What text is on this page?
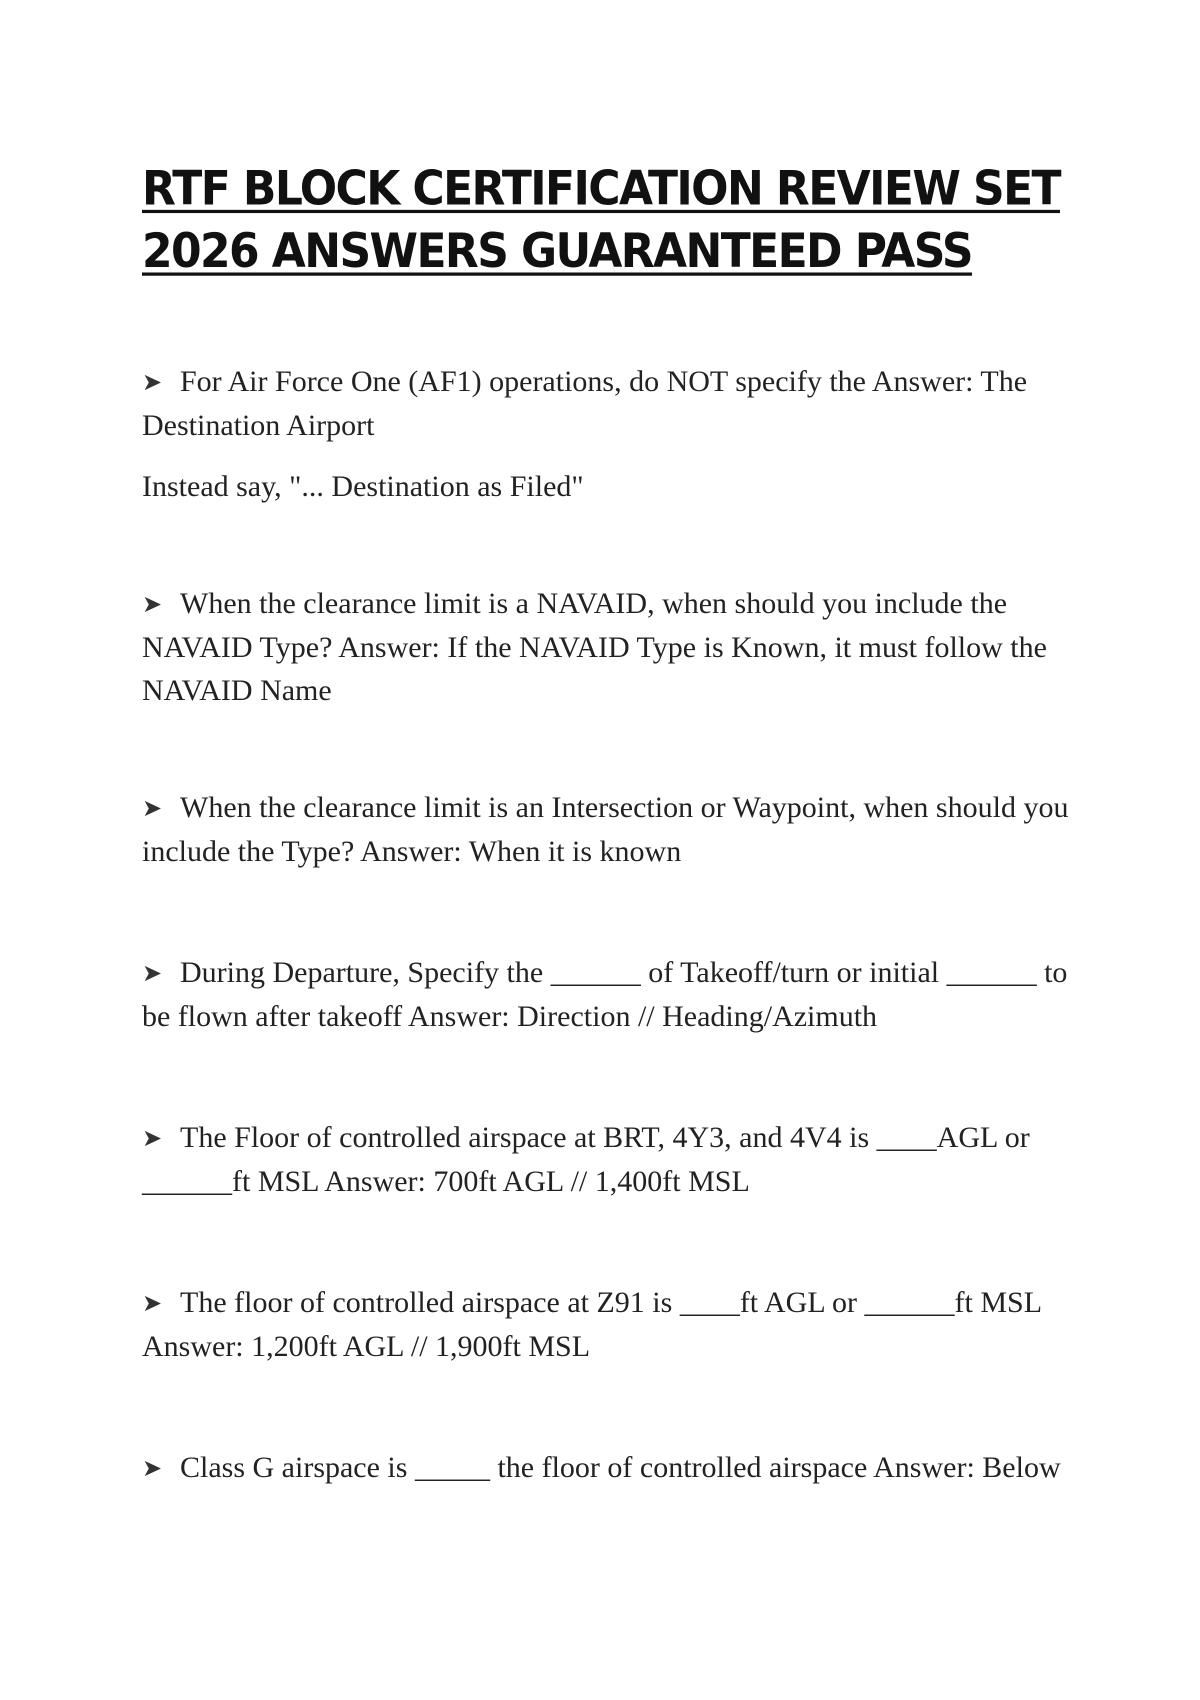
RTF BLOCK CERTIFICATION REVIEW SET
2026 ANSWERS GUARANTEED PASS

➤ For Air Force One (AF1) operations, do NOT specify the Answer: The Destination Airport

Instead say, "... Destination as Filed"

➤ When the clearance limit is a NAVAID, when should you include the NAVAID Type? Answer: If the NAVAID Type is Known, it must follow the NAVAID Name

➤ When the clearance limit is an Intersection or Waypoint, when should you include the Type? Answer: When it is known

➤ During Departure, Specify the ______ of Takeoff/turn or initial ______ to be flown after takeoff Answer: Direction // Heading/Azimuth

➤ The Floor of controlled airspace at BRT, 4Y3, and 4V4 is ____AGL or ______ft MSL Answer: 700ft AGL // 1,400ft MSL

➤ The floor of controlled airspace at Z91 is ____ft AGL or ______ft MSL Answer: 1,200ft AGL // 1,900ft MSL

➤ Class G airspace is _____ the floor of controlled airspace Answer: Below
